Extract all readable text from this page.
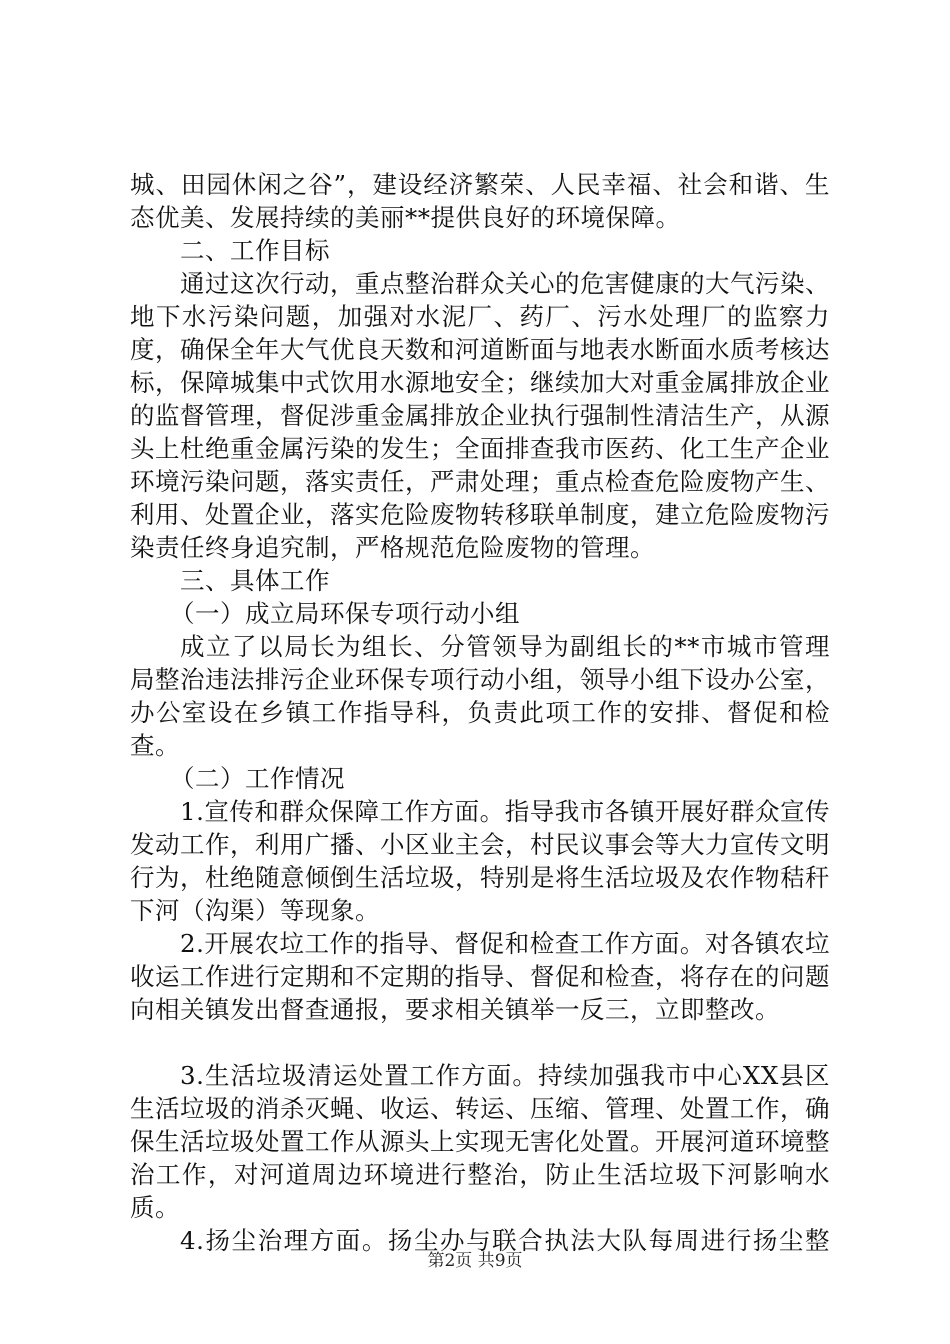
城、田园休闲之谷”，建设经济繁荣、人民幸福、社会和谐、生态优美、发展持续的美丽**提供良好的环境保障。

二、工作目标

通过这次行动，重点整治群众关心的危害健康的大气污染、地下水污染问题，加强对水泥厂、药厂、污水处理厂的监察力度，确保全年大气优良天数和河道断面与地表水断面水质考核达标，保障城集中式饮用水源地安全；继续加大对重金属排放企业的监督管理，督促涉重金属排放企业执行强制性清洁生产，从源头上杜绝重金属污染的发生；全面排查我市医药、化工生产企业环境污染问题，落实责任，严肃处理；重点检查危险废物产生、利用、处置企业，落实危险废物转移联单制度，建立危险废物污染责任终身追究制，严格规范危险废物的管理。

三、具体工作

（一）成立局环保专项行动小组

成立了以局长为组长、分管领导为副组长的**市城市管理局整治违法排污企业环保专项行动小组，领导小组下设办公室，办公室设在乡镇工作指导科，负责此项工作的安排、督促和检查。

（二）工作情况

1.宣传和群众保障工作方面。指导我市各镇开展好群众宣传发动工作，利用广播、小区业主会，村民议事会等大力宣传文明行为，杜绝随意倾倒生活垃圾，特别是将生活垃圾及农作物秸秆下河（沟渠）等现象。

2.开展农垃工作的指导、督促和检查工作方面。对各镇农垃收运工作进行定期和不定期的指导、督促和检查，将存在的问题向相关镇发出督查通报，要求相关镇举一反三，立即整改。

3.生活垃圾清运处置工作方面。持续加强我市中心XX县区生活垃圾的消杀灭蝇、收运、转运、压缩、管理、处置工作，确保生活垃圾处置工作从源头上实现无害化处置。开展河道环境整治工作，对河道周边环境进行整治，防止生活垃圾下河影响水质。

4.扬尘治理方面。扬尘办与联合执法大队每周进行扬尘整

第2页 共9页
